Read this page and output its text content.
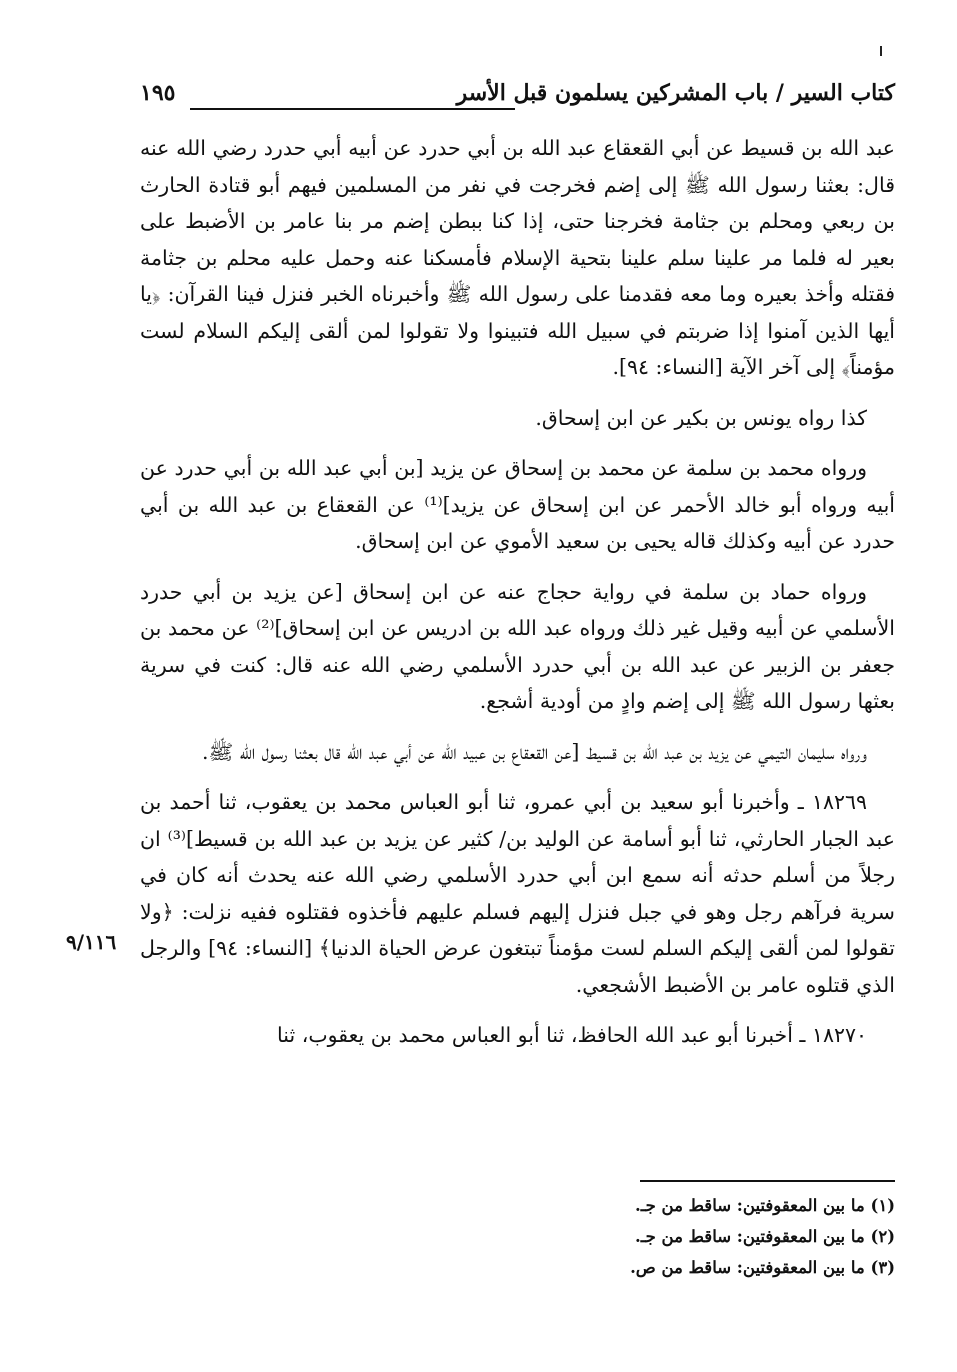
كتاب السير / باب المشركين يسلمون قبل الأسر
١٩٥

عبد الله بن قسيط عن أبي القعقاع عبد الله بن أبي حدرد عن أبيه أبي حدرد رضي الله عنه قال: بعثنا رسول الله ﷺ إلى إضم فخرجت في نفر من المسلمين فيهم أبو قتادة الحارث بن ربعي ومحلم بن جثامة فخرجنا حتى، إذا كنا ببطن إضم مر بنا عامر بن الأضبط على بعير له فلما مر علينا سلم علينا بتحية الإسلام فأمسكنا عنه وحمل عليه محلم بن جثامة فقتله وأخذ بعيره وما معه فقدمنا على رسول الله ﷺ وأخبرناه الخبر فنزل فينا القرآن: ﴿يا أيها الذين آمنوا إذا ضربتم في سبيل الله فتبينوا ولا تقولوا لمن ألقى إليكم السلام لست مؤمناً﴾ إلى آخر الآية [النساء: ٩٤].

كذا رواه يونس بن بكير عن ابن إسحاق.

ورواه محمد بن سلمة عن محمد بن إسحاق عن يزيد [بن أبي عبد الله بن أبي حدرد عن أبيه ورواه أبو خالد الأحمر عن ابن إسحاق عن يزيد]⁽¹⁾ عن القعقاع بن عبد الله بن أبي حدرد عن أبيه وكذلك قاله يحيى بن سعيد الأموي عن ابن إسحاق.

ورواه حماد بن سلمة في رواية حجاج عنه عن ابن إسحاق [عن يزيد بن أبي حدرد الأسلمي عن أبيه وقيل غير ذلك ورواه عبد الله بن ادريس عن ابن إسحاق]⁽²⁾ عن محمد بن جعفر بن الزبير عن عبد الله بن أبي حدرد الأسلمي رضي الله عنه قال: كنت في سرية بعثها رسول الله ﷺ إلى إضم وادٍ من أودية أشجع.

ورواه سليمان التيمي عن يزيد بن عبد الله بن قسيط [عن القعقاع بن عبيد الله عن أبي عبد الله قال بعثنا رسول الله ﷺ.

١٨٢٦٩ ـ وأخبرنا أبو سعيد بن أبي عمرو، ثنا أبو العباس محمد بن يعقوب، ثنا أحمد بن عبد الجبار الحارثي، ثنا أبو أسامة عن الوليد بن/ كثير عن يزيد بن عبد الله بن قسيط]⁽³⁾ ان رجلاً من أسلم حدثه أنه سمع ابن أبي حدرد الأسلمي رضي الله عنه يحدث أنه كان في سرية فرآهم رجل وهو في جبل فنزل إليهم فسلم عليهم فأخذوه فقتلوه ففيه نزلت: ﴿ولا تقولوا لمن ألقى إليكم السلم لست مؤمناً تبتغون عرض الحياة الدنيا﴾ [النساء: ٩٤] والرجل الذي قتلوه عامر بن الأضبط الأشجعي.

١٨٢٧٠ ـ أخبرنا أبو عبد الله الحافظ، ثنا أبو العباس محمد بن يعقوب، ثنا

٩/١١٦

(١) ما بين المعقوفتين: ساقط من جـ.

(٢) ما بين المعقوفتين: ساقط من جـ.

(٣) ما بين المعقوفتين: ساقط من ص.
